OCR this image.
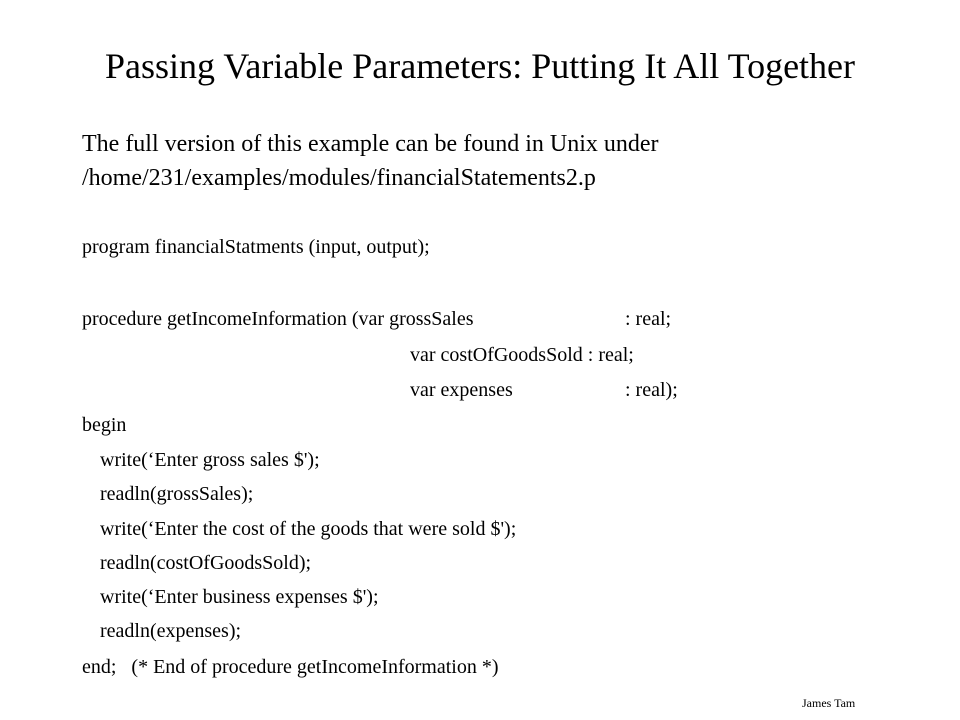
Passing Variable Parameters: Putting It All Together
The full version of this example can be found in Unix under
/home/231/examples/modules/financialStatements2.p
program financialStatments (input, output);
procedure getIncomeInformation (var grossSales	: real;
var costOfGoodsSold : real;
var expenses	: real);
begin
write(‘Enter gross sales $');
readln(grossSales);
write(‘Enter the cost of the goods that were sold $');
readln(costOfGoodsSold);
write(‘Enter business expenses $');
readln(expenses);
end;   (* End of procedure getIncomeInformation *)
James Tam
